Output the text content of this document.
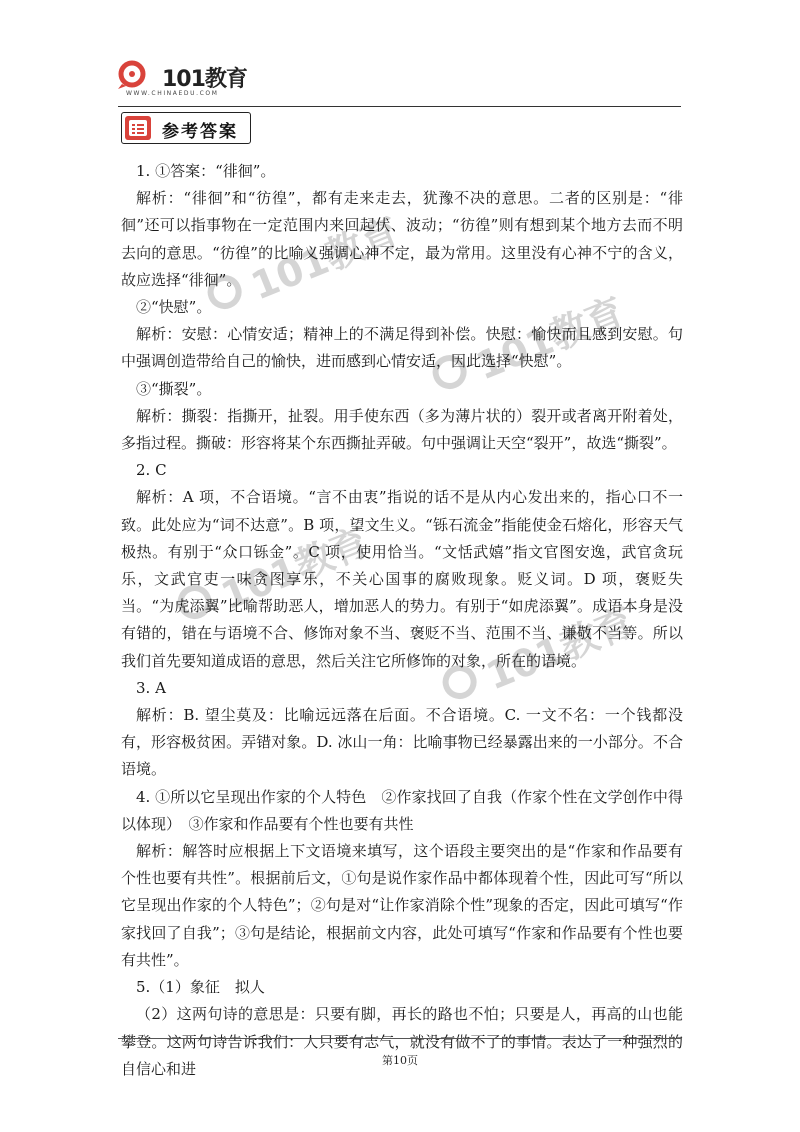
101教育
WWW.CHINAEDU.COM
参考答案
101教育
101教育
101教育
101教育

1. ①答案：“徘徊”。

解析：“徘徊”和“彷徨”，都有走来走去，犹豫不决的意思。二者的区别是：“徘徊”还可以指事物在一定范围内来回起伏、波动；“彷徨”则有想到某个地方去而不明去向的意思。“彷徨”的比喻义强调心神不定，最为常用。这里没有心神不宁的含义，故应选择“徘徊”。

②“快慰”。

解析：安慰：心情安适；精神上的不满足得到补偿。快慰：愉快而且感到安慰。句中强调创造带给自己的愉快，进而感到心情安适，因此选择“快慰”。

③“撕裂”。

解析：撕裂：指撕开，扯裂。用手使东西（多为薄片状的）裂开或者离开附着处，多指过程。撕破：形容将某个东西撕扯弄破。句中强调让天空“裂开”，故选“撕裂”。

2. C

解析：A 项，不合语境。“言不由衷”指说的话不是从内心发出来的，指心口不一致。此处应为“词不达意”。B 项，望文生义。“铄石流金”指能使金石熔化，形容天气极热。有别于“众口铄金”。C 项，使用恰当。“文恬武嬉”指文官图安逸，武官贪玩乐，文武官吏一味贪图享乐，不关心国事的腐败现象。贬义词。D 项，褒贬失当。“为虎添翼”比喻帮助恶人，增加恶人的势力。有别于“如虎添翼”。成语本身是没有错的，错在与语境不合、修饰对象不当、褒贬不当、范围不当、谦敬不当等。所以我们首先要知道成语的意思，然后关注它所修饰的对象，所在的语境。

3. A

解析：B. 望尘莫及：比喻远远落在后面。不合语境。C. 一文不名：一个钱都没有，形容极贫困。弄错对象。D. 冰山一角：比喻事物已经暴露出来的一小部分。不合语境。

4. ①所以它呈现出作家的个人特色　②作家找回了自我（作家个性在文学创作中得以体现）　③作家和作品要有个性也要有共性

解析：解答时应根据上下文语境来填写，这个语段主要突出的是“作家和作品要有个性也要有共性”。根据前后文，①句是说作家作品中都体现着个性，因此可写“所以它呈现出作家的个人特色”；②句是对“让作家消除个性”现象的否定，因此可填写“作家找回了自我”；③句是结论，根据前文内容，此处可填写“作家和作品要有个性也要有共性”。

5.（1）象征　拟人

（2）这两句诗的意思是：只要有脚，再长的路也不怕；只要是人，再高的山也能攀登。这两句诗告诉我们：人只要有志气，就没有做不了的事情。表达了一种强烈的自信心和进	第10页
